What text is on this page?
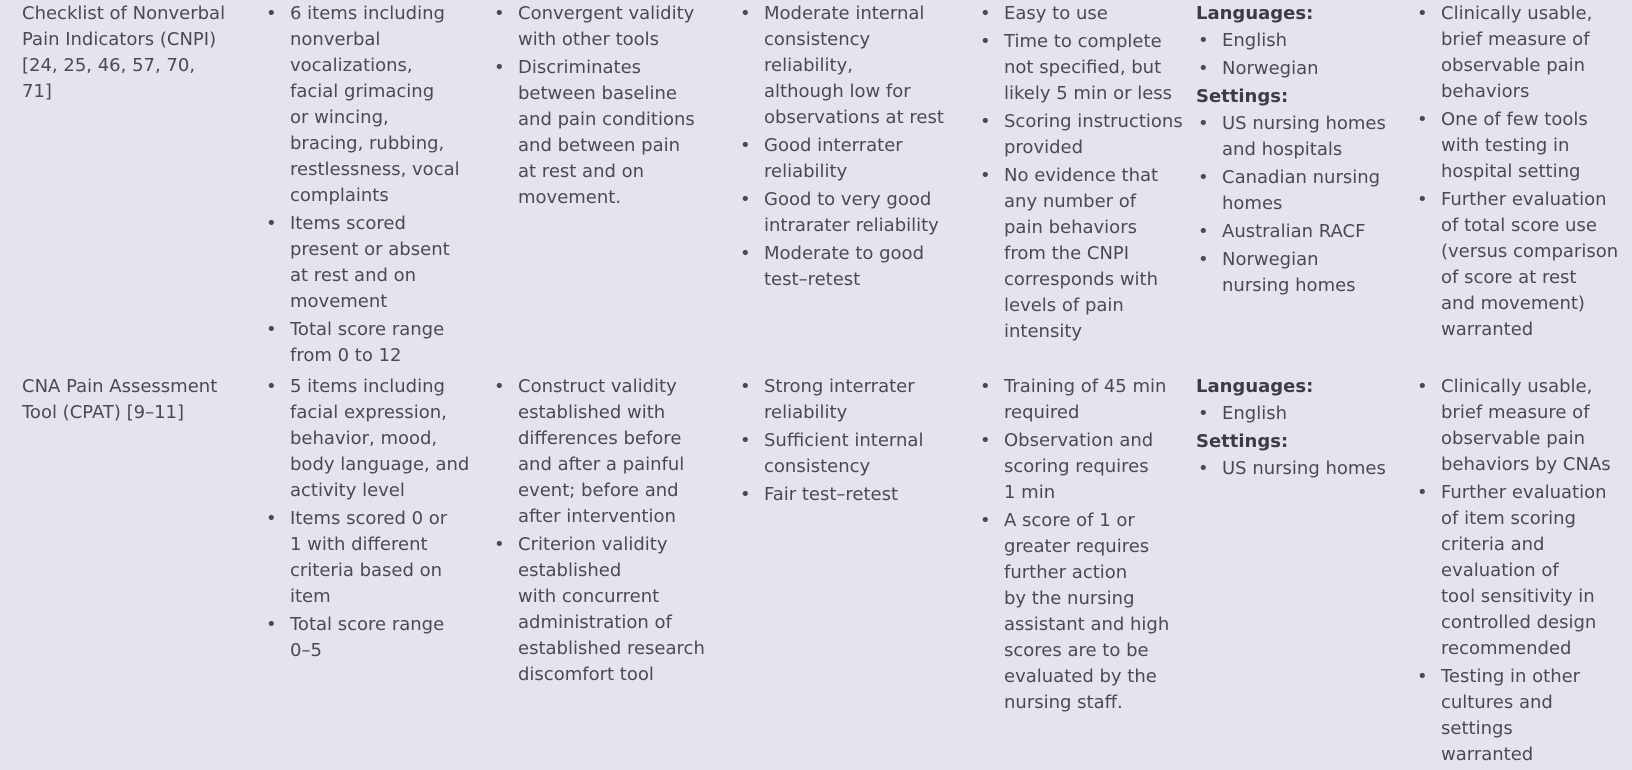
Checklist of Nonverbal
Pain Indicators (CNPI)
[24, 25, 46, 57, 70,
71]

• 6 items including
nonverbal
vocalizations,
facial grimacing
or wincing,
bracing, rubbing,
restlessness, vocal
complaints
• Items scored
present or absent
at rest and on
movement
• Total score range
from 0 to 12
• Convergent validity
with other tools
• Discriminates
between baseline
and pain conditions
and between pain
at rest and on
movement.
• Moderate internal
consistency
reliability,
although low for
observations at rest
• Good interrater
reliability
• Good to very good
intrarater reliability
• Moderate to good
test–retest
• Easy to use
• Time to complete
not specified, but
likely 5 min or less
• Scoring instructions
provided
• No evidence that
any number of
pain behaviors
from the CNPI
corresponds with
levels of pain
intensity

Languages:

• English
• Norwegian

Settings:

• US nursing homes
and hospitals
• Canadian nursing
homes
• Australian RACF
• Norwegian
nursing homes
• Clinically usable,
brief measure of
observable pain
behaviors
• One of few tools
with testing in
hospital setting
• Further evaluation
of total score use
(versus comparison
of score at rest
and movement)
warranted

CNA Pain Assessment
Tool (CPAT) [9–11]

• 5 items including
facial expression,
behavior, mood,
body language, and
activity level
• Items scored 0 or
1 with different
criteria based on
item
• Total score range
0–5
• Construct validity
established with
differences before
and after a painful
event; before and
after intervention
• Criterion validity
established
with concurrent
administration of
established research
discomfort tool
• Strong interrater
reliability
• Sufficient internal
consistency
• Fair test–retest
• Training of 45 min
required
• Observation and
scoring requires
1 min
• A score of 1 or
greater requires
further action
by the nursing
assistant and high
scores are to be
evaluated by the
nursing staff.

Languages:

• English

Settings:

• US nursing homes
• Clinically usable,
brief measure of
observable pain
behaviors by CNAs
• Further evaluation
of item scoring
criteria and
evaluation of
tool sensitivity in
controlled design
recommended
• Testing in other
cultures and settings
warranted
